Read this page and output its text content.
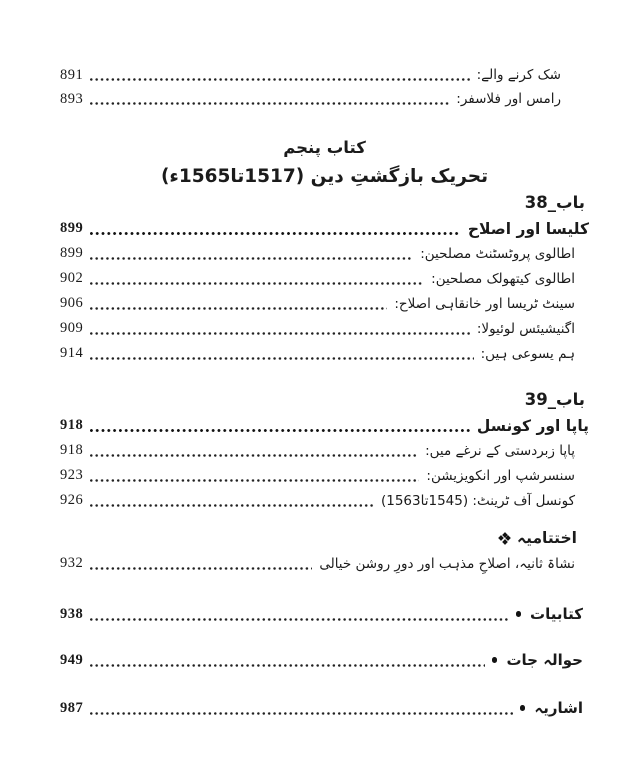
شک کرنے والے:
891
رامس اور فلاسفر:
893
کتاب پنجم
تحریک بازگشتِ دین (1517تا1565ء)
باب_38
کلیسا اور اصلاح
899
اطالوی پروٹسٹنٹ مصلحین:
899
اطالوی کیتھولک مصلحین:
902
سینٹ ٹریسا اور خانقاہی اصلاح:
906
اگنیشیئس لوئیولا:
909
ہم یسوعی ہیں:
914
باب_39
پاپا اور کونسل
918
پاپا زبردستی کے نرغے میں:
918
سنسرشپ اور انکویزیشن:
923
کونسل آف ٹرینٹ: (1545تا1563)
926
اختتامیہ
نشاۃ ثانیہ، اصلاحِ مذہب اور دورِ روشن خیالی
932
کتابیات
938
حوالہ جات
949
اشاریہ
987
